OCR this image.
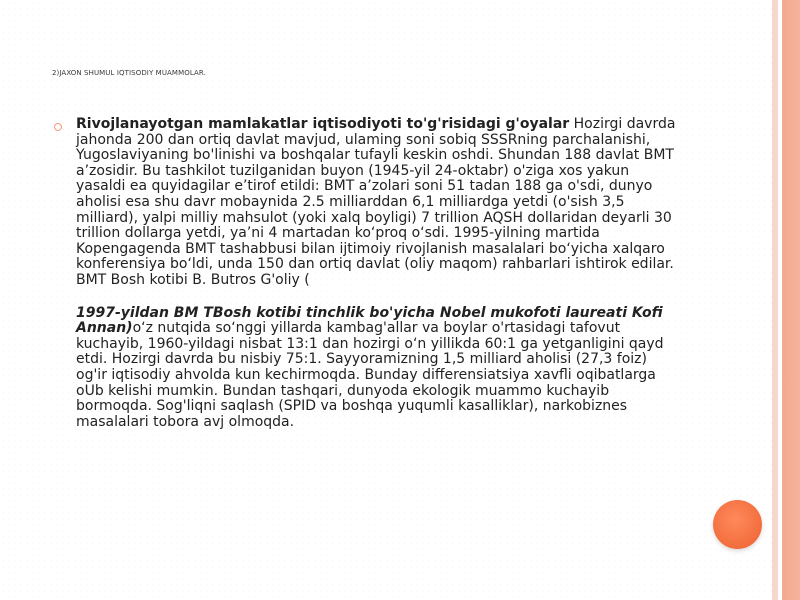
2)JAXON SHUMUL IQTISODIY MUAMMOLAR.

Rivojlanayotgan mamlakatlar iqtisodiyoti to'g'risidagi g'oyalar Hozirgi davrda jahonda 200 dan ortiq davlat mavjud, ulaming soni sobiq SSSRning parchalanishi, Yugoslaviyaning bo'linishi va boshqalar tufayli keskin oshdi. Shundan 188 davlat BMT a’zosidir. Bu tashkilot tuzilganidan buyon (1945-yil 24-oktabr) o'ziga xos yakun yasaldi ea quyidagilar e’tirof etildi: BMT a’zolari soni 51 tadan 188 ga o'sdi, dunyo aholisi esa shu davr mobaynida 2.5 milliarddan 6,1 milliardga yetdi (o'sish 3,5 milliard), yalpi milliy mahsulot (yoki xalq boyligi) 7 trillion AQSH dollaridan deyarli 30 trillion dollarga yetdi, ya’ni 4 martadan ko‘proq o‘sdi. 1995-yilning martida Kopengagenda BMT tashabbusi bilan ijtimoiy rivojlanish masalalari bo‘yicha xalqaro konferensiya bo‘ldi, unda 150 dan ortiq davlat (oliy maqom) rahbarlari ishtirok edilar. BMT Bosh kotibi B. Butros G'oliy (

1997-yildan BM TBosh kotibi tinchlik bo'yicha Nobel mukofoti laureati Kofi Annan)o‘z nutqida so‘nggi yillarda kambag'allar va boylar o'rtasidagi tafovut kuchayib, 1960-yildagi nisbat 13:1 dan hozirgi o‘n yillikda 60:1 ga yetganligini qayd etdi. Hozirgi davrda bu nisbiy 75:1. Sayyoramizning 1,5 milliard aholisi (27,3 foiz) og'ir iqtisodiy ahvolda kun kechirmoqda. Bunday differensiatsiya xavfli oqibatlarga oUb kelishi mumkin. Bundan tashqari, dunyoda ekologik muammo kuchayib bormoqda. Sog'liqni saqlash (SPID va boshqa yuqumli kasalliklar), narkobiznes masalalari tobora avj olmoqda.
